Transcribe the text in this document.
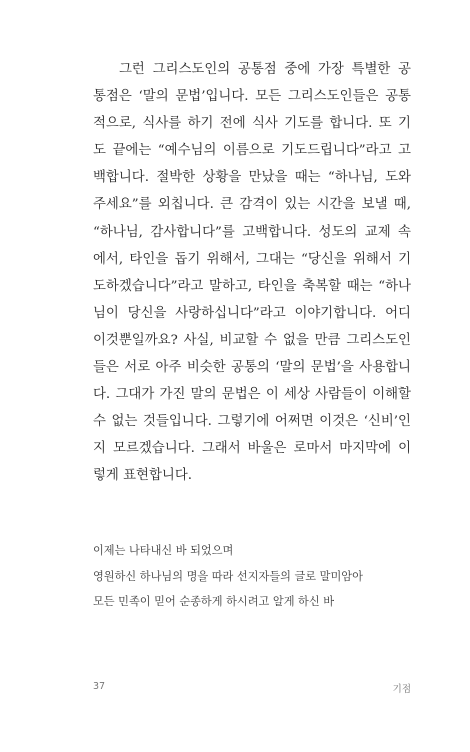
그런 그리스도인의 공통점 중에 가장 특별한 공
통점은 ‘말의 문법’입니다. 모든 그리스도인들은 공통
적으로, 식사를 하기 전에 식사 기도를 합니다. 또 기
도 끝에는 “예수님의 이름으로 기도드립니다”라고 고
백합니다. 절박한 상황을 만났을 때는 “하나님, 도와
주세요”를 외칩니다. 큰 감격이 있는 시간을 보낼 때,
“하나님, 감사합니다”를 고백합니다. 성도의 교제 속
에서, 타인을 돕기 위해서, 그대는 “당신을 위해서 기
도하겠습니다”라고 말하고, 타인을 축복할 때는 “하나
님이 당신을 사랑하십니다”라고 이야기합니다. 어디
이것뿐일까요? 사실, 비교할 수 없을 만큼 그리스도인
들은 서로 아주 비슷한 공통의 ‘말의 문법’을 사용합니
다. 그대가 가진 말의 문법은 이 세상 사람들이 이해할
수 없는 것들입니다. 그렇기에 어쩌면 이것은 ‘신비’인
지 모르겠습니다. 그래서 바울은 로마서 마지막에 이
렇게 표현합니다.
이제는 나타내신 바 되었으며
영원하신 하나님의 명을 따라 선지자들의 글로 말미암아
모든 민족이 믿어 순종하게 하시려고 알게 하신 바
37	기점
